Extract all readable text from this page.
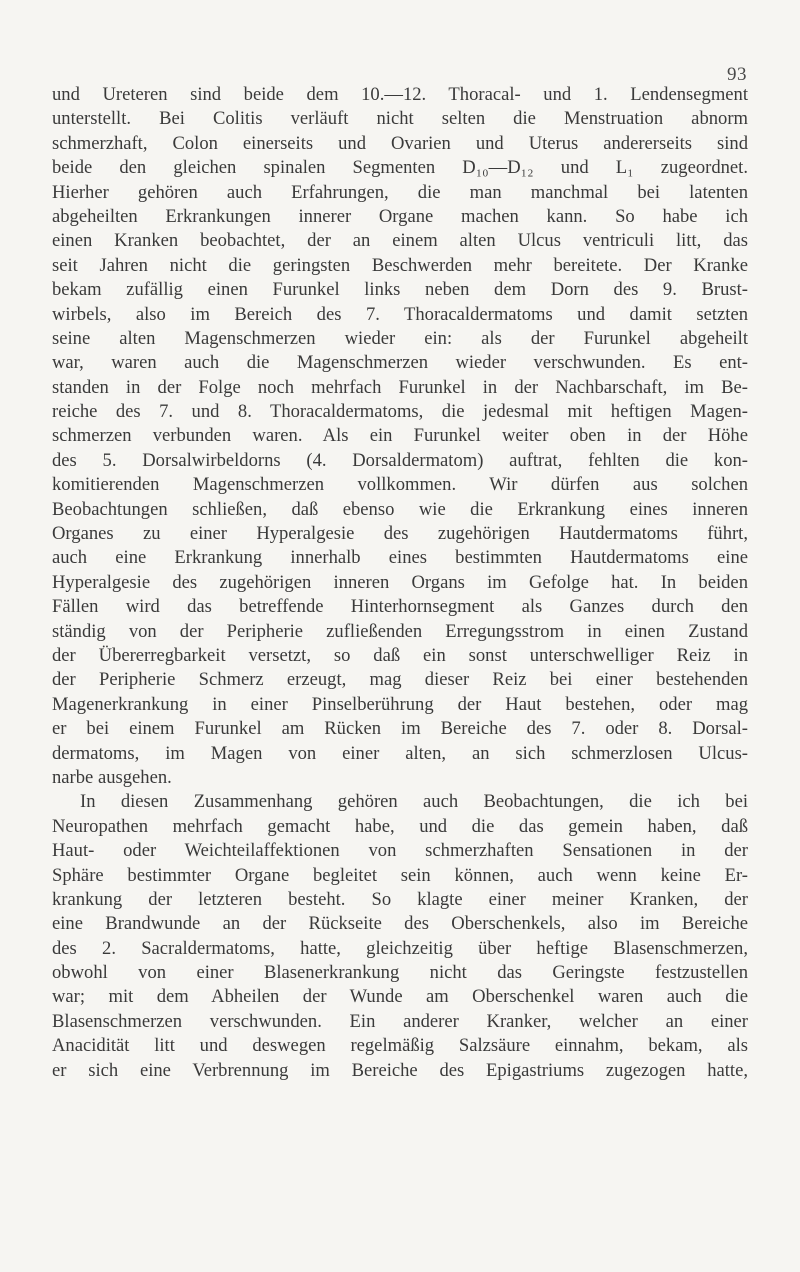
93
und Ureteren sind beide dem 10.—12. Thoracal- und 1. Lendensegment
unterstellt. Bei Colitis verläuft nicht selten die Menstruation abnorm
schmerzhaft, Colon einerseits und Ovarien und Uterus andererseits sind
beide den gleichen spinalen Segmenten D₁₀—D₁₂ und L₁ zugeordnet.
Hierher gehören auch Erfahrungen, die man manchmal bei latenten
abgeheilten Erkrankungen innerer Organe machen kann. So habe ich
einen Kranken beobachtet, der an einem alten Ulcus ventriculi litt, das
seit Jahren nicht die geringsten Beschwerden mehr bereitete. Der Kranke
bekam zufällig einen Furunkel links neben dem Dorn des 9. Brust-
wirbels, also im Bereich des 7. Thoracaldermatoms und damit setzten
seine alten Magenschmerzen wieder ein: als der Furunkel abgeheilt
war, waren auch die Magenschmerzen wieder verschwunden. Es ent-
standen in der Folge noch mehrfach Furunkel in der Nachbarschaft, im Be-
reiche des 7. und 8. Thoracaldermatoms, die jedesmal mit heftigen Magen-
schmerzen verbunden waren. Als ein Furunkel weiter oben in der Höhe
des 5. Dorsalwirbeldorns (4. Dorsaldermatom) auftrat, fehlten die kon-
komitierenden Magenschmerzen vollkommen. Wir dürfen aus solchen
Beobachtungen schließen, daß ebenso wie die Erkrankung eines inneren
Organes zu einer Hyperalgesie des zugehörigen Hautdermatoms führt,
auch eine Erkrankung innerhalb eines bestimmten Hautdermatoms eine
Hyperalgesie des zugehörigen inneren Organs im Gefolge hat. In beiden
Fällen wird das betreffende Hinterhornsegment als Ganzes durch den
ständig von der Peripherie zufließenden Erregungsstrom in einen Zustand
der Übererregbarkeit versetzt, so daß ein sonst unterschwelliger Reiz in
der Peripherie Schmerz erzeugt, mag dieser Reiz bei einer bestehenden
Magenerkrankung in einer Pinselberührung der Haut bestehen, oder mag
er bei einem Furunkel am Rücken im Bereiche des 7. oder 8. Dorsal-
dermatoms, im Magen von einer alten, an sich schmerzlosen Ulcus-
narbe ausgehen.
In diesen Zusammenhang gehören auch Beobachtungen, die ich bei
Neuropathen mehrfach gemacht habe, und die das gemein haben, daß
Haut- oder Weichteilaffektionen von schmerzhaften Sensationen in der
Sphäre bestimmter Organe begleitet sein können, auch wenn keine Er-
krankung der letzteren besteht. So klagte einer meiner Kranken, der
eine Brandwunde an der Rückseite des Oberschenkels, also im Bereiche
des 2. Sacraldermatoms, hatte, gleichzeitig über heftige Blasenschmerzen,
obwohl von einer Blasenerkrankung nicht das Geringste festzustellen
war; mit dem Abheilen der Wunde am Oberschenkel waren auch die
Blasenschmerzen verschwunden. Ein anderer Kranker, welcher an einer
Anacidität litt und deswegen regelmäßig Salzsäure einnahm, bekam, als
er sich eine Verbrennung im Bereiche des Epigastriums zugezogen hatte,
